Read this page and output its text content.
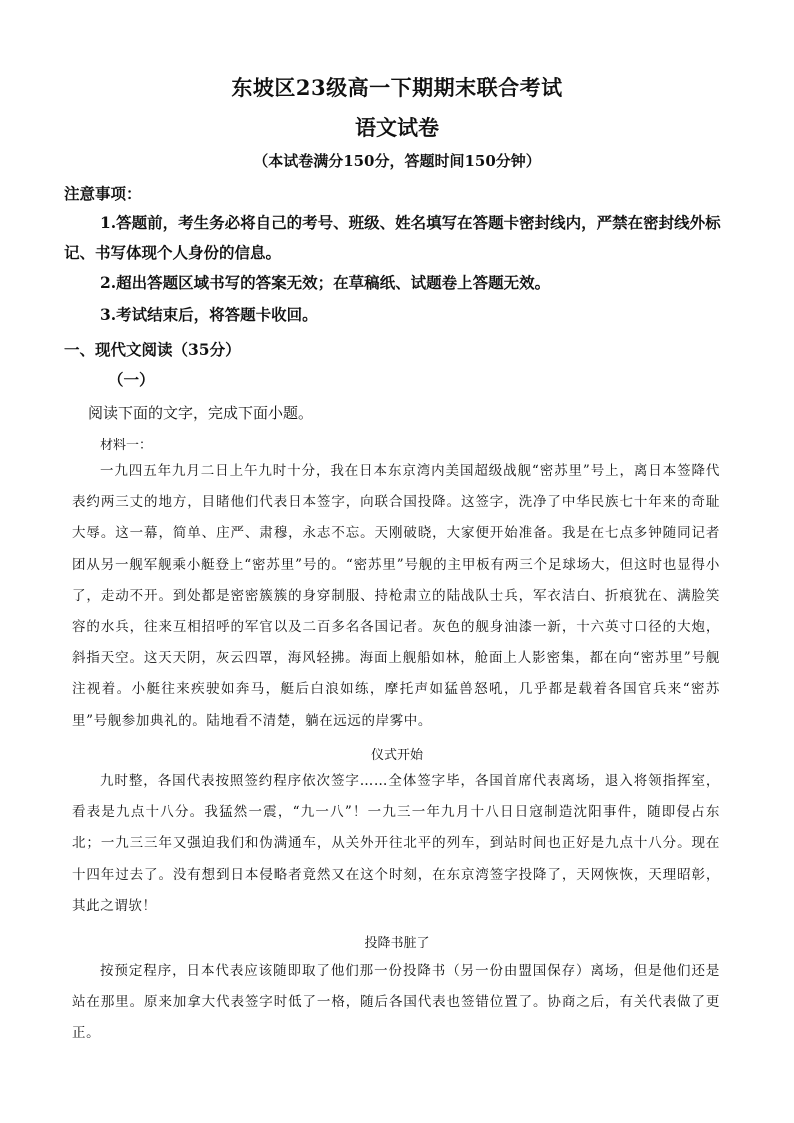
东坡区23级高一下期期末联合考试
语文试卷
（本试卷满分150分，答题时间150分钟）
注意事项：
1.答题前，考生务必将自己的考号、班级、姓名填写在答题卡密封线内，严禁在密封线外标记、书写体现个人身份的信息。
2.超出答题区域书写的答案无效；在草稿纸、试题卷上答题无效。
3.考试结束后，将答题卡收回。
一、现代文阅读（35分）
（一）
阅读下面的文字，完成下面小题。
材料一：
一九四五年九月二日上午九时十分，我在日本东京湾内美国超级战舰“密苏里”号上，离日本签降代表约两三丈的地方，目睹他们代表日本签字，向联合国投降。这签字，洗净了中华民族七十年来的奇耻大辱。这一幕，简单、庄严、肃穆，永志不忘。天刚破晓，大家便开始准备。我是在七点多钟随同记者团从另一舰军舰乘小艇登上“密苏里”号的。“密苏里”号舰的主甲板有两三个足球场大，但这时也显得小了，走动不开。到处都是密密簇簇的身穿制服、持枪肃立的陆战队士兵，军衣洁白、折痕犹在、满脸笑容的水兵，往来互相招呼的军官以及二百多名各国记者。灰色的舰身油漆一新，十六英寸口径的大炮，斜指天空。这天天阴，灰云四罩，海风轻拂。海面上舰船如林，舱面上人影密集，都在向“密苏里”号舰注视着。小艇往来疾驶如奔马，艇后白浪如练，摩托声如猛兽怒吼，几乎都是载着各国官兵来“密苏里”号舰参加典礼的。陆地看不清楚，躺在远远的岸雾中。
仪式开始
九时整，各国代表按照签约程序依次签字……全体签字毕，各国首席代表离场，退入将领指挥室，看表是九点十八分。我猛然一震，“九一八”！一九三一年九月十八日日寇制造沈阳事件，随即侵占东北；一九三三年又强迫我们和伪满通车，从关外开往北平的列车，到站时间也正好是九点十八分。现在十四年过去了。没有想到日本侵略者竟然又在这个时刻，在东京湾签字投降了，天网恢恢，天理昭彰，其此之谓欤！
投降书脏了
按预定程序，日本代表应该随即取了他们那一份投降书（另一份由盟国保存）离场，但是他们还是站在那里。原来加拿大代表签字时低了一格，随后各国代表也签错位置了。协商之后，有关代表做了更正。
